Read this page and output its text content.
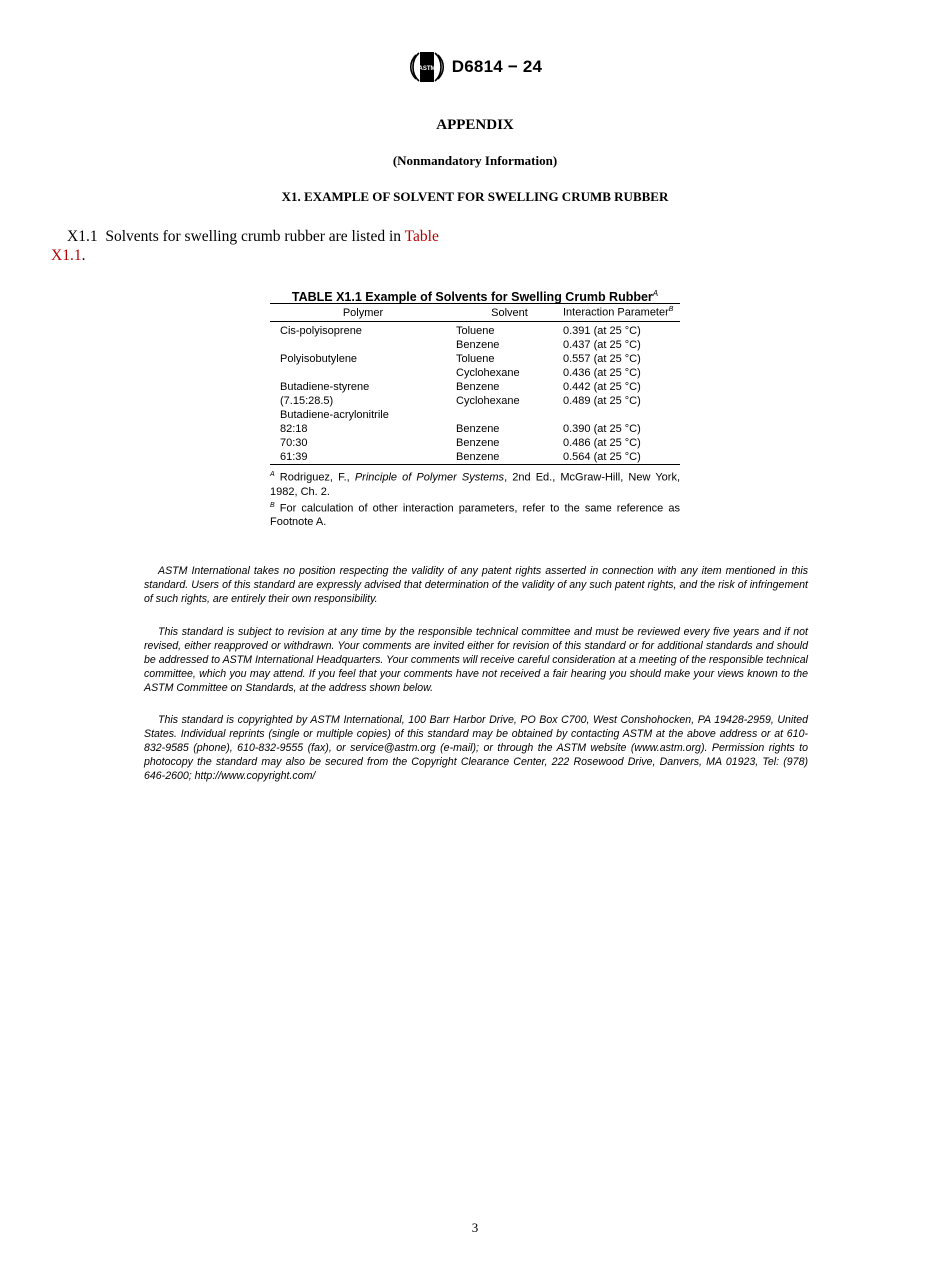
ASTM D6814 − 24
APPENDIX
(Nonmandatory Information)
X1. EXAMPLE OF SOLVENT FOR SWELLING CRUMB RUBBER
X1.1 Solvents for swelling crumb rubber are listed in Table
X1.1.
TABLE X1.1 Example of Solvents for Swelling Crumb Rubber$^A$
Polymer	Solvent	Interaction Parameter$^B$
Cis-polyisoprene	Toluene	0.391 (at 25 °C)
	Benzene	0.437 (at 25 °C)
Polyisobutylene	Toluene	0.557 (at 25 °C)
	Cyclohexane	0.436 (at 25 °C)
Butadiene-styrene	Benzene	0.442 (at 25 °C)
(7.15:28.5)	Cyclohexane	0.489 (at 25 °C)
Butadiene-acrylonitrile		
82:18	Benzene	0.390 (at 25 °C)
70:30	Benzene	0.486 (at 25 °C)
61:39	Benzene	0.564 (at 25 °C)

$^A$ Rodriguez, F., Principle of Polymer Systems, 2nd Ed., McGraw-Hill, New York, 1982, Ch. 2.

$^B$ For calculation of other interaction parameters, refer to the same reference as Footnote A.

ASTM International takes no position respecting the validity of any patent rights asserted in connection with any item mentioned in this standard. Users of this standard are expressly advised that determination of the validity of any such patent rights, and the risk of infringement of such rights, are entirely their own responsibility.
This standard is subject to revision at any time by the responsible technical committee and must be reviewed every five years and if not revised, either reapproved or withdrawn. Your comments are invited either for revision of this standard or for additional standards and should be addressed to ASTM International Headquarters. Your comments will receive careful consideration at a meeting of the responsible technical committee, which you may attend. If you feel that your comments have not received a fair hearing you should make your views known to the ASTM Committee on Standards, at the address shown below.
This standard is copyrighted by ASTM International, 100 Barr Harbor Drive, PO Box C700, West Conshohocken, PA 19428-2959, United States. Individual reprints (single or multiple copies) of this standard may be obtained by contacting ASTM at the above address or at 610-832-9585 (phone), 610-832-9555 (fax), or service@astm.org (e-mail); or through the ASTM website (www.astm.org). Permission rights to photocopy the standard may also be secured from the Copyright Clearance Center, 222 Rosewood Drive, Danvers, MA 01923, Tel: (978) 646-2600; http://www.copyright.com/
3
